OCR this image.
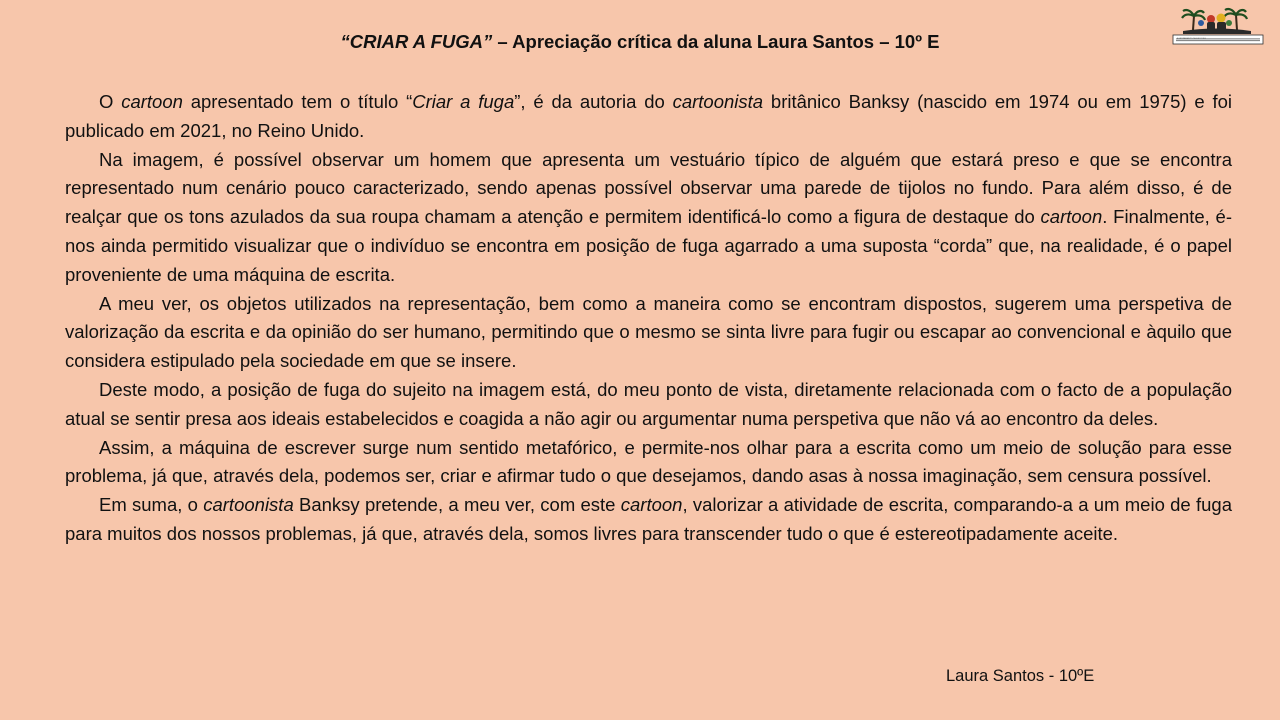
“CRIAR A FUGA” – Apreciação crítica da aluna Laura Santos – 10º E	AGRUPAMENTO DE ESCOLAS

O cartoon apresentado tem o título “Criar a fuga”, é da autoria do cartoonista britânico Banksy (nascido em 1974 ou em 1975) e foi publicado em 2021, no Reino Unido.

Na imagem, é possível observar um homem que apresenta um vestuário típico de alguém que estará preso e que se encontra representado num cenário pouco caracterizado, sendo apenas possível observar uma parede de tijolos no fundo. Para além disso, é de realçar que os tons azulados da sua roupa chamam a atenção e permitem identificá-lo como a figura de destaque do cartoon. Finalmente, é-nos ainda permitido visualizar que o indivíduo se encontra em posição de fuga agarrado a uma suposta “corda” que, na realidade, é o papel proveniente de uma máquina de escrita.

A meu ver, os objetos utilizados na representação, bem como a maneira como se encontram dispostos, sugerem uma perspetiva de valorização da escrita e da opinião do ser humano, permitindo que o mesmo se sinta livre para fugir ou escapar ao convencional e àquilo que considera estipulado pela sociedade em que se insere.

Deste modo, a posição de fuga do sujeito na imagem está, do meu ponto de vista, diretamente relacionada com o facto de a população atual se sentir presa aos ideais estabelecidos e coagida a não agir ou argumentar numa perspetiva que não vá ao encontro da deles.

Assim, a máquina de escrever surge num sentido metafórico, e permite-nos olhar para a escrita como um meio de solução para esse problema, já que, através dela, podemos ser, criar e afirmar tudo o que desejamos, dando asas à nossa imaginação, sem censura possível.

Em suma, o cartoonista Banksy pretende, a meu ver, com este cartoon, valorizar a atividade de escrita, comparando-a a um meio de fuga para muitos dos nossos problemas, já que, através dela, somos livres para transcender tudo o que é estereotipadamente aceite.

Laura Santos - 10ºE
